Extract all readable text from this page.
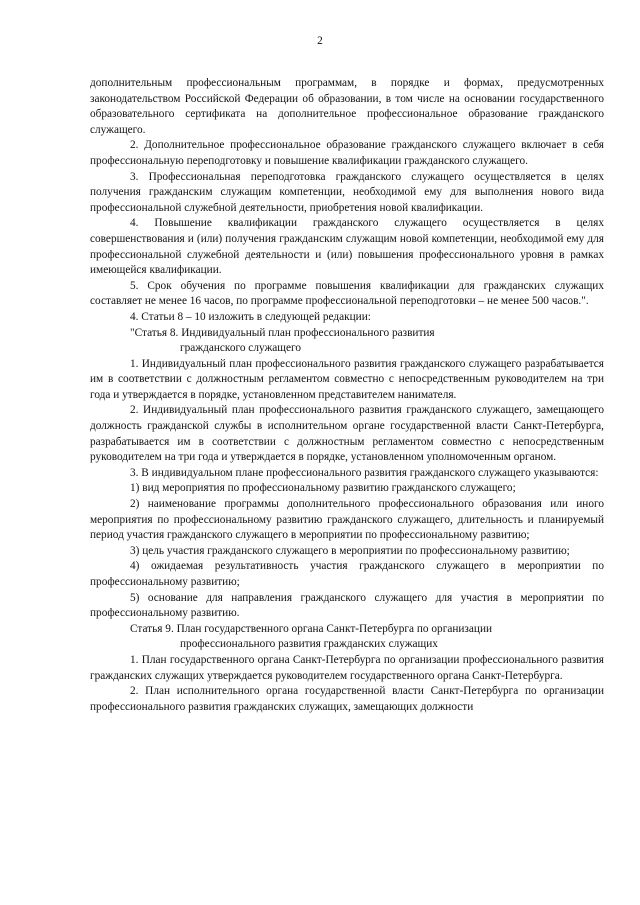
2

дополнительным профессиональным программам, в порядке и формах, предусмотренных законодательством Российской Федерации об образовании, в том числе на основании государственного образовательного сертификата на дополнительное профессиональное образование гражданского служащего.

2. Дополнительное профессиональное образование гражданского служащего включает в себя профессиональную переподготовку и повышение квалификации гражданского служащего.

3. Профессиональная переподготовка гражданского служащего осуществляется в целях получения гражданским служащим компетенции, необходимой ему для выполнения нового вида профессиональной служебной деятельности, приобретения новой квалификации.

4. Повышение квалификации гражданского служащего осуществляется в целях совершенствования и (или) получения гражданским служащим новой компетенции, необходимой ему для профессиональной служебной деятельности и (или) повышения профессионального уровня в рамках имеющейся квалификации.

5. Срок обучения по программе повышения квалификации для гражданских служащих составляет не менее 16 часов, по программе профессиональной переподготовки – не менее 500 часов.".

4. Статьи 8 – 10 изложить в следующей редакции:

"Статья 8. Индивидуальный план профессионального развития

гражданского служащего

1. Индивидуальный план профессионального развития гражданского служащего разрабатывается им в соответствии с должностным регламентом совместно с непосредственным руководителем на три года и утверждается в порядке, установленном представителем нанимателя.

2. Индивидуальный план профессионального развития гражданского служащего, замещающего должность гражданской службы в исполнительном органе государственной власти Санкт-Петербурга, разрабатывается им в соответствии с должностным регламентом совместно с непосредственным руководителем на три года и утверждается в порядке, установленном уполномоченным органом.

3. В индивидуальном плане профессионального развития гражданского служащего указываются:

1) вид мероприятия по профессиональному развитию гражданского служащего;

2) наименование программы дополнительного профессионального образования или иного мероприятия по профессиональному развитию гражданского служащего, длительность и планируемый период участия гражданского служащего в мероприятии по профессиональному развитию;

3) цель участия гражданского служащего в мероприятии по профессиональному развитию;

4) ожидаемая результативность участия гражданского служащего в мероприятии по профессиональному развитию;

5) основание для направления гражданского служащего для участия в мероприятии по профессиональному развитию.

Статья 9. План государственного органа Санкт-Петербурга по организации

профессионального развития гражданских служащих

1. План государственного органа Санкт-Петербурга по организации профессионального развития гражданских служащих утверждается руководителем государственного органа Санкт-Петербурга.

2. План исполнительного органа государственной власти Санкт-Петербурга по организации профессионального развития гражданских служащих, замещающих должности
